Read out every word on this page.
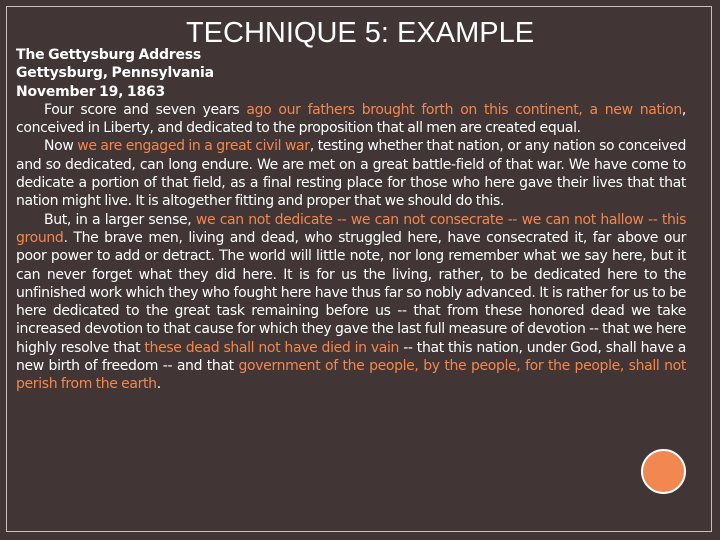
TECHNIQUE 5: EXAMPLE

The Gettysburg Address

Gettysburg, Pennsylvania

November 19, 1863

Four score and seven years ago our fathers brought forth on this continent, a new nation, conceived in Liberty, and dedicated to the proposition that all men are created equal.

Now we are engaged in a great civil war, testing whether that nation, or any nation so conceived and so dedicated, can long endure. We are met on a great battle-field of that war. We have come to dedicate a portion of that field, as a final resting place for those who here gave their lives that that nation might live. It is altogether fitting and proper that we should do this.

But, in a larger sense, we can not dedicate -- we can not consecrate -- we can not hallow -- this ground. The brave men, living and dead, who struggled here, have consecrated it, far above our poor power to add or detract. The world will little note, nor long remember what we say here, but it can never forget what they did here. It is for us the living, rather, to be dedicated here to the unfinished work which they who fought here have thus far so nobly advanced. It is rather for us to be here dedicated to the great task remaining before us -- that from these honored dead we take increased devotion to that cause for which they gave the last full measure of devotion -- that we here highly resolve that these dead shall not have died in vain -- that this nation, under God, shall have a new birth of freedom -- and that government of the people, by the people, for the people, shall not perish from the earth.
